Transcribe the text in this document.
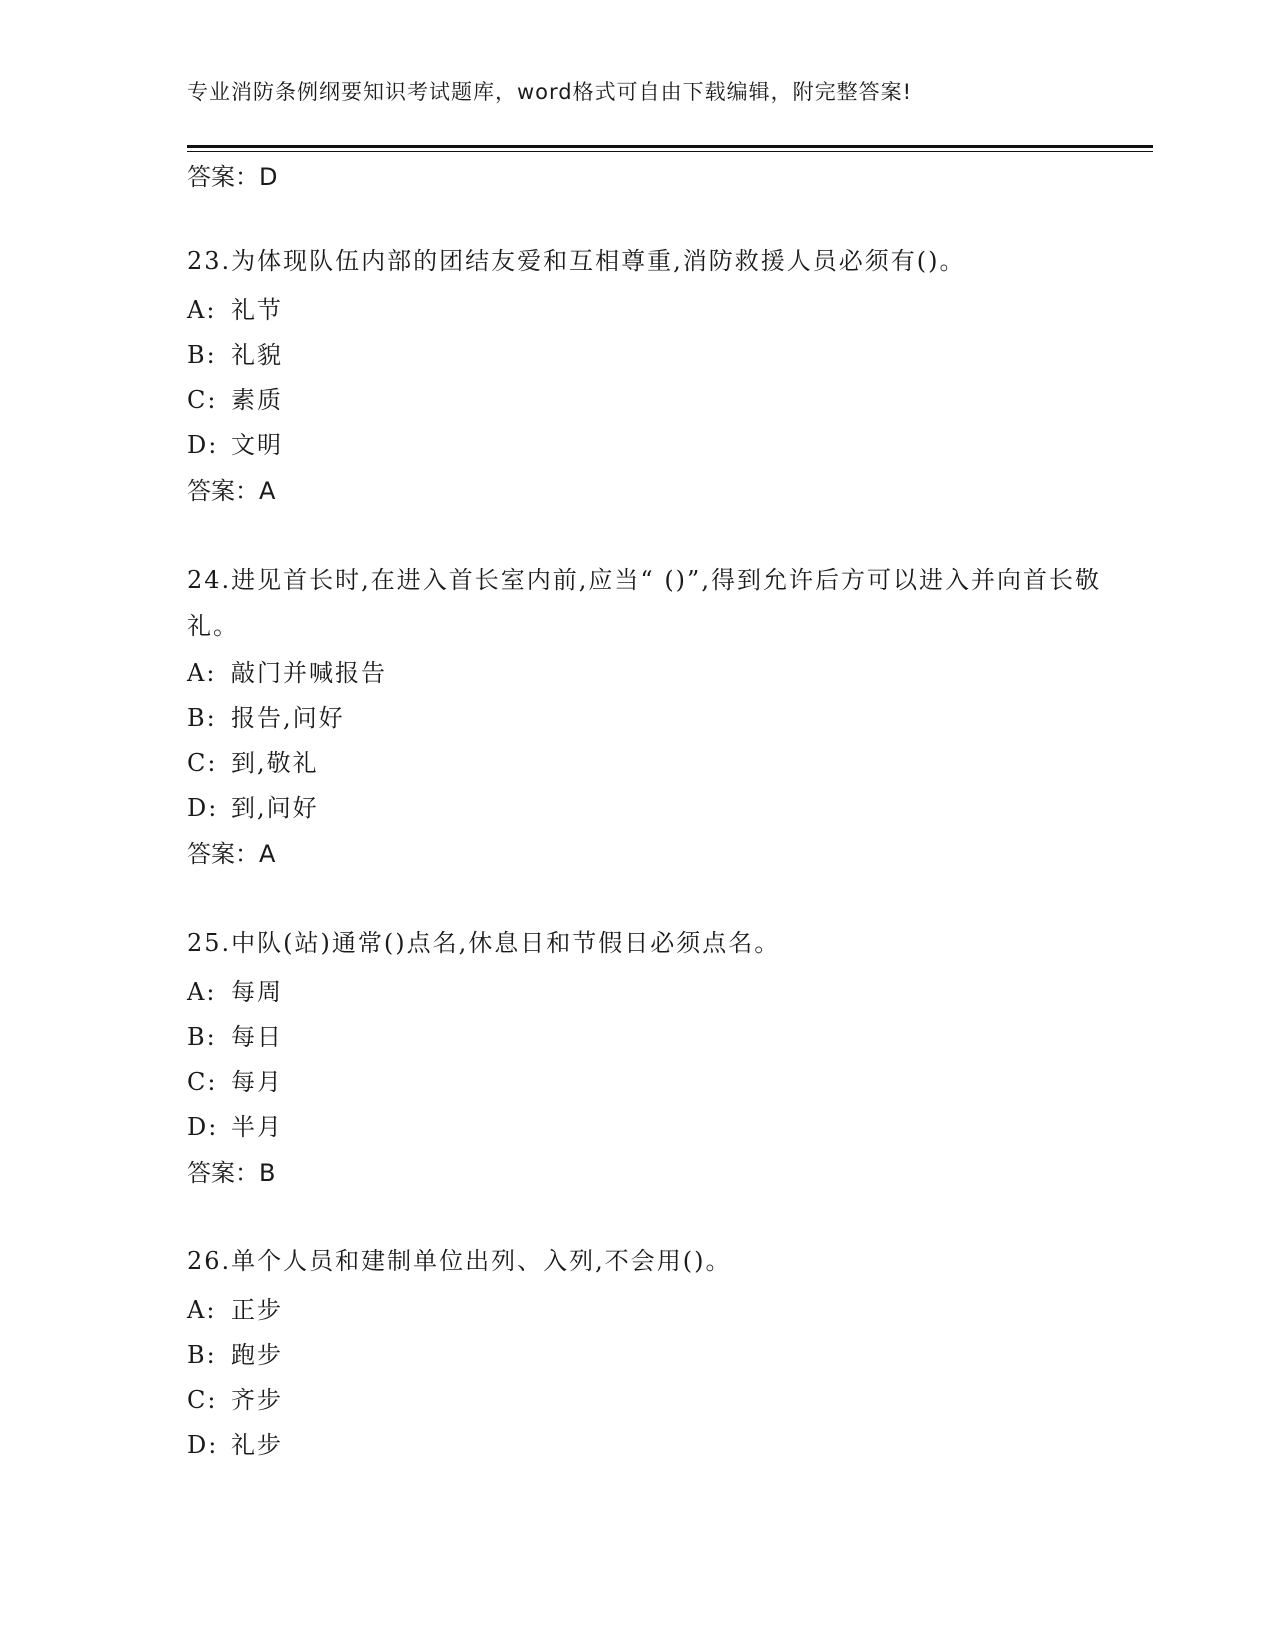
专业消防条例纲要知识考试题库，word格式可自由下载编辑，附完整答案!
答案：D
23.为体现队伍内部的团结友爱和互相尊重,消防救援人员必须有()。
A: 礼节
B: 礼貌
C: 素质
D: 文明
答案：A
24.进见首长时,在进入首长室内前,应当“ ()”,得到允许后方可以进入并向首长敬礼。
A: 敲门并喊报告
B: 报告,问好
C: 到,敬礼
D: 到,问好
答案：A
25.中队(站)通常()点名,休息日和节假日必须点名。
A: 每周
B: 每日
C: 每月
D: 半月
答案：B
26.单个人员和建制单位出列、入列,不会用()。
A: 正步
B: 跑步
C: 齐步
D: 礼步
